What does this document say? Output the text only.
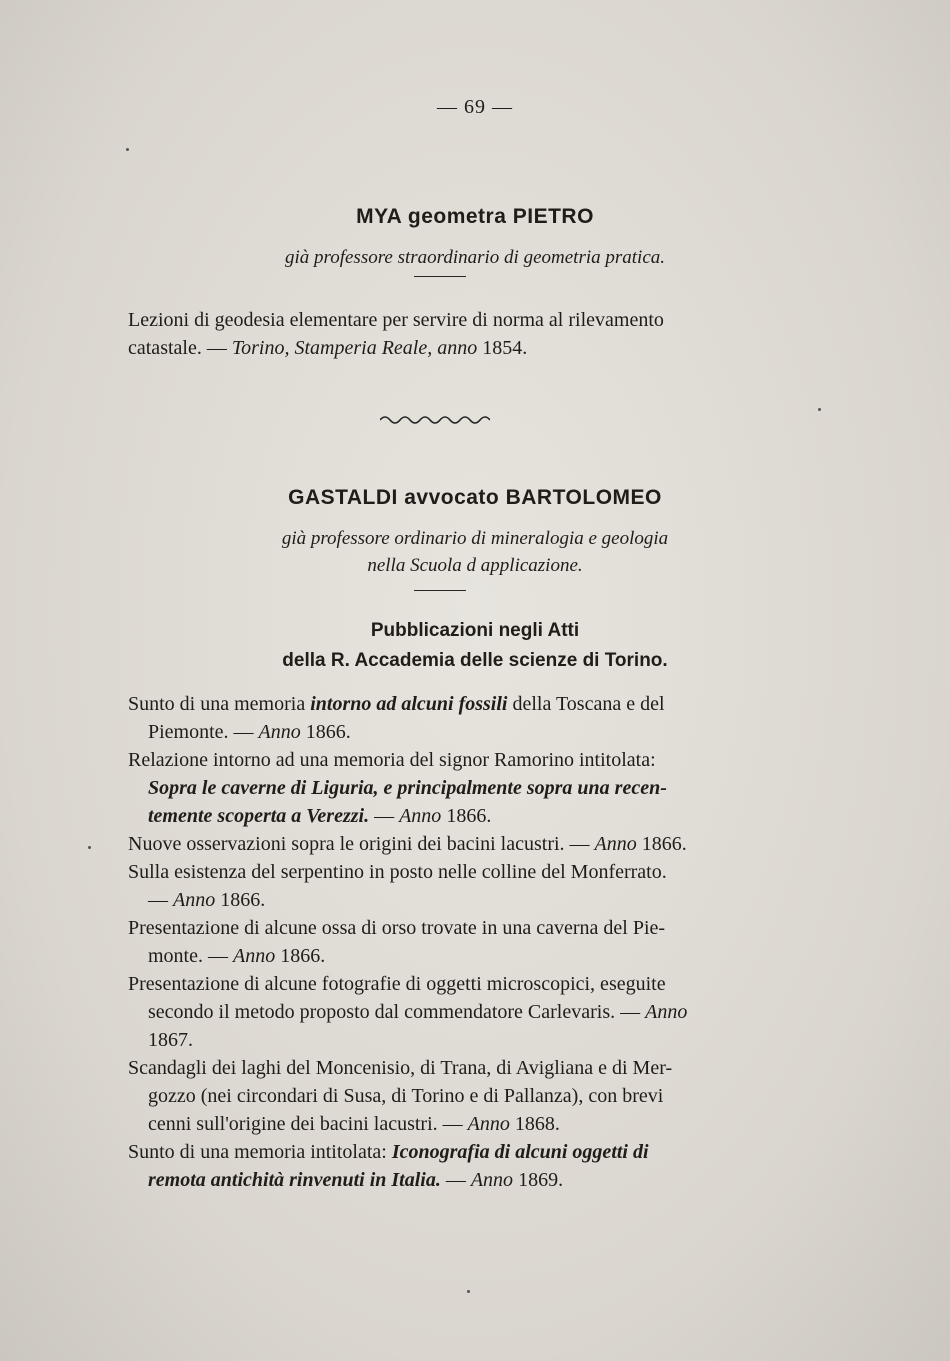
— 69 —
MYA geometra PIETRO
già professore straordinario di geometria pratica.
Lezioni di geodesia elementare per servire di norma al rilevamento
catastale. — Torino, Stamperia Reale, anno 1854.
GASTALDI avvocato BARTOLOMEO
già professore ordinario di mineralogia e geologia
nella Scuola d applicazione.
Pubblicazioni negli Atti
della R. Accademia delle scienze di Torino.
Sunto di una memoria intorno ad alcuni fossili della Toscana e del
Piemonte. — Anno 1866.
Relazione intorno ad una memoria del signor Ramorino intitolata:
Sopra le caverne di Liguria, e principalmente sopra una recen-
temente scoperta a Verezzi. — Anno 1866.
Nuove osservazioni sopra le origini dei bacini lacustri. — Anno 1866.
Sulla esistenza del serpentino in posto nelle colline del Monferrato.
— Anno 1866.
Presentazione di alcune ossa di orso trovate in una caverna del Pie-
monte. — Anno 1866.
Presentazione di alcune fotografie di oggetti microscopici, eseguite
secondo il metodo proposto dal commendatore Carlevaris. — Anno
1867.
Scandagli dei laghi del Moncenisio, di Trana, di Avigliana e di Mer-
gozzo (nei circondari di Susa, di Torino e di Pallanza), con brevi
cenni sull'origine dei bacini lacustri. — Anno 1868.
Sunto di una memoria intitolata: Iconografia di alcuni oggetti di
remota antichità rinvenuti in Italia. — Anno 1869.
